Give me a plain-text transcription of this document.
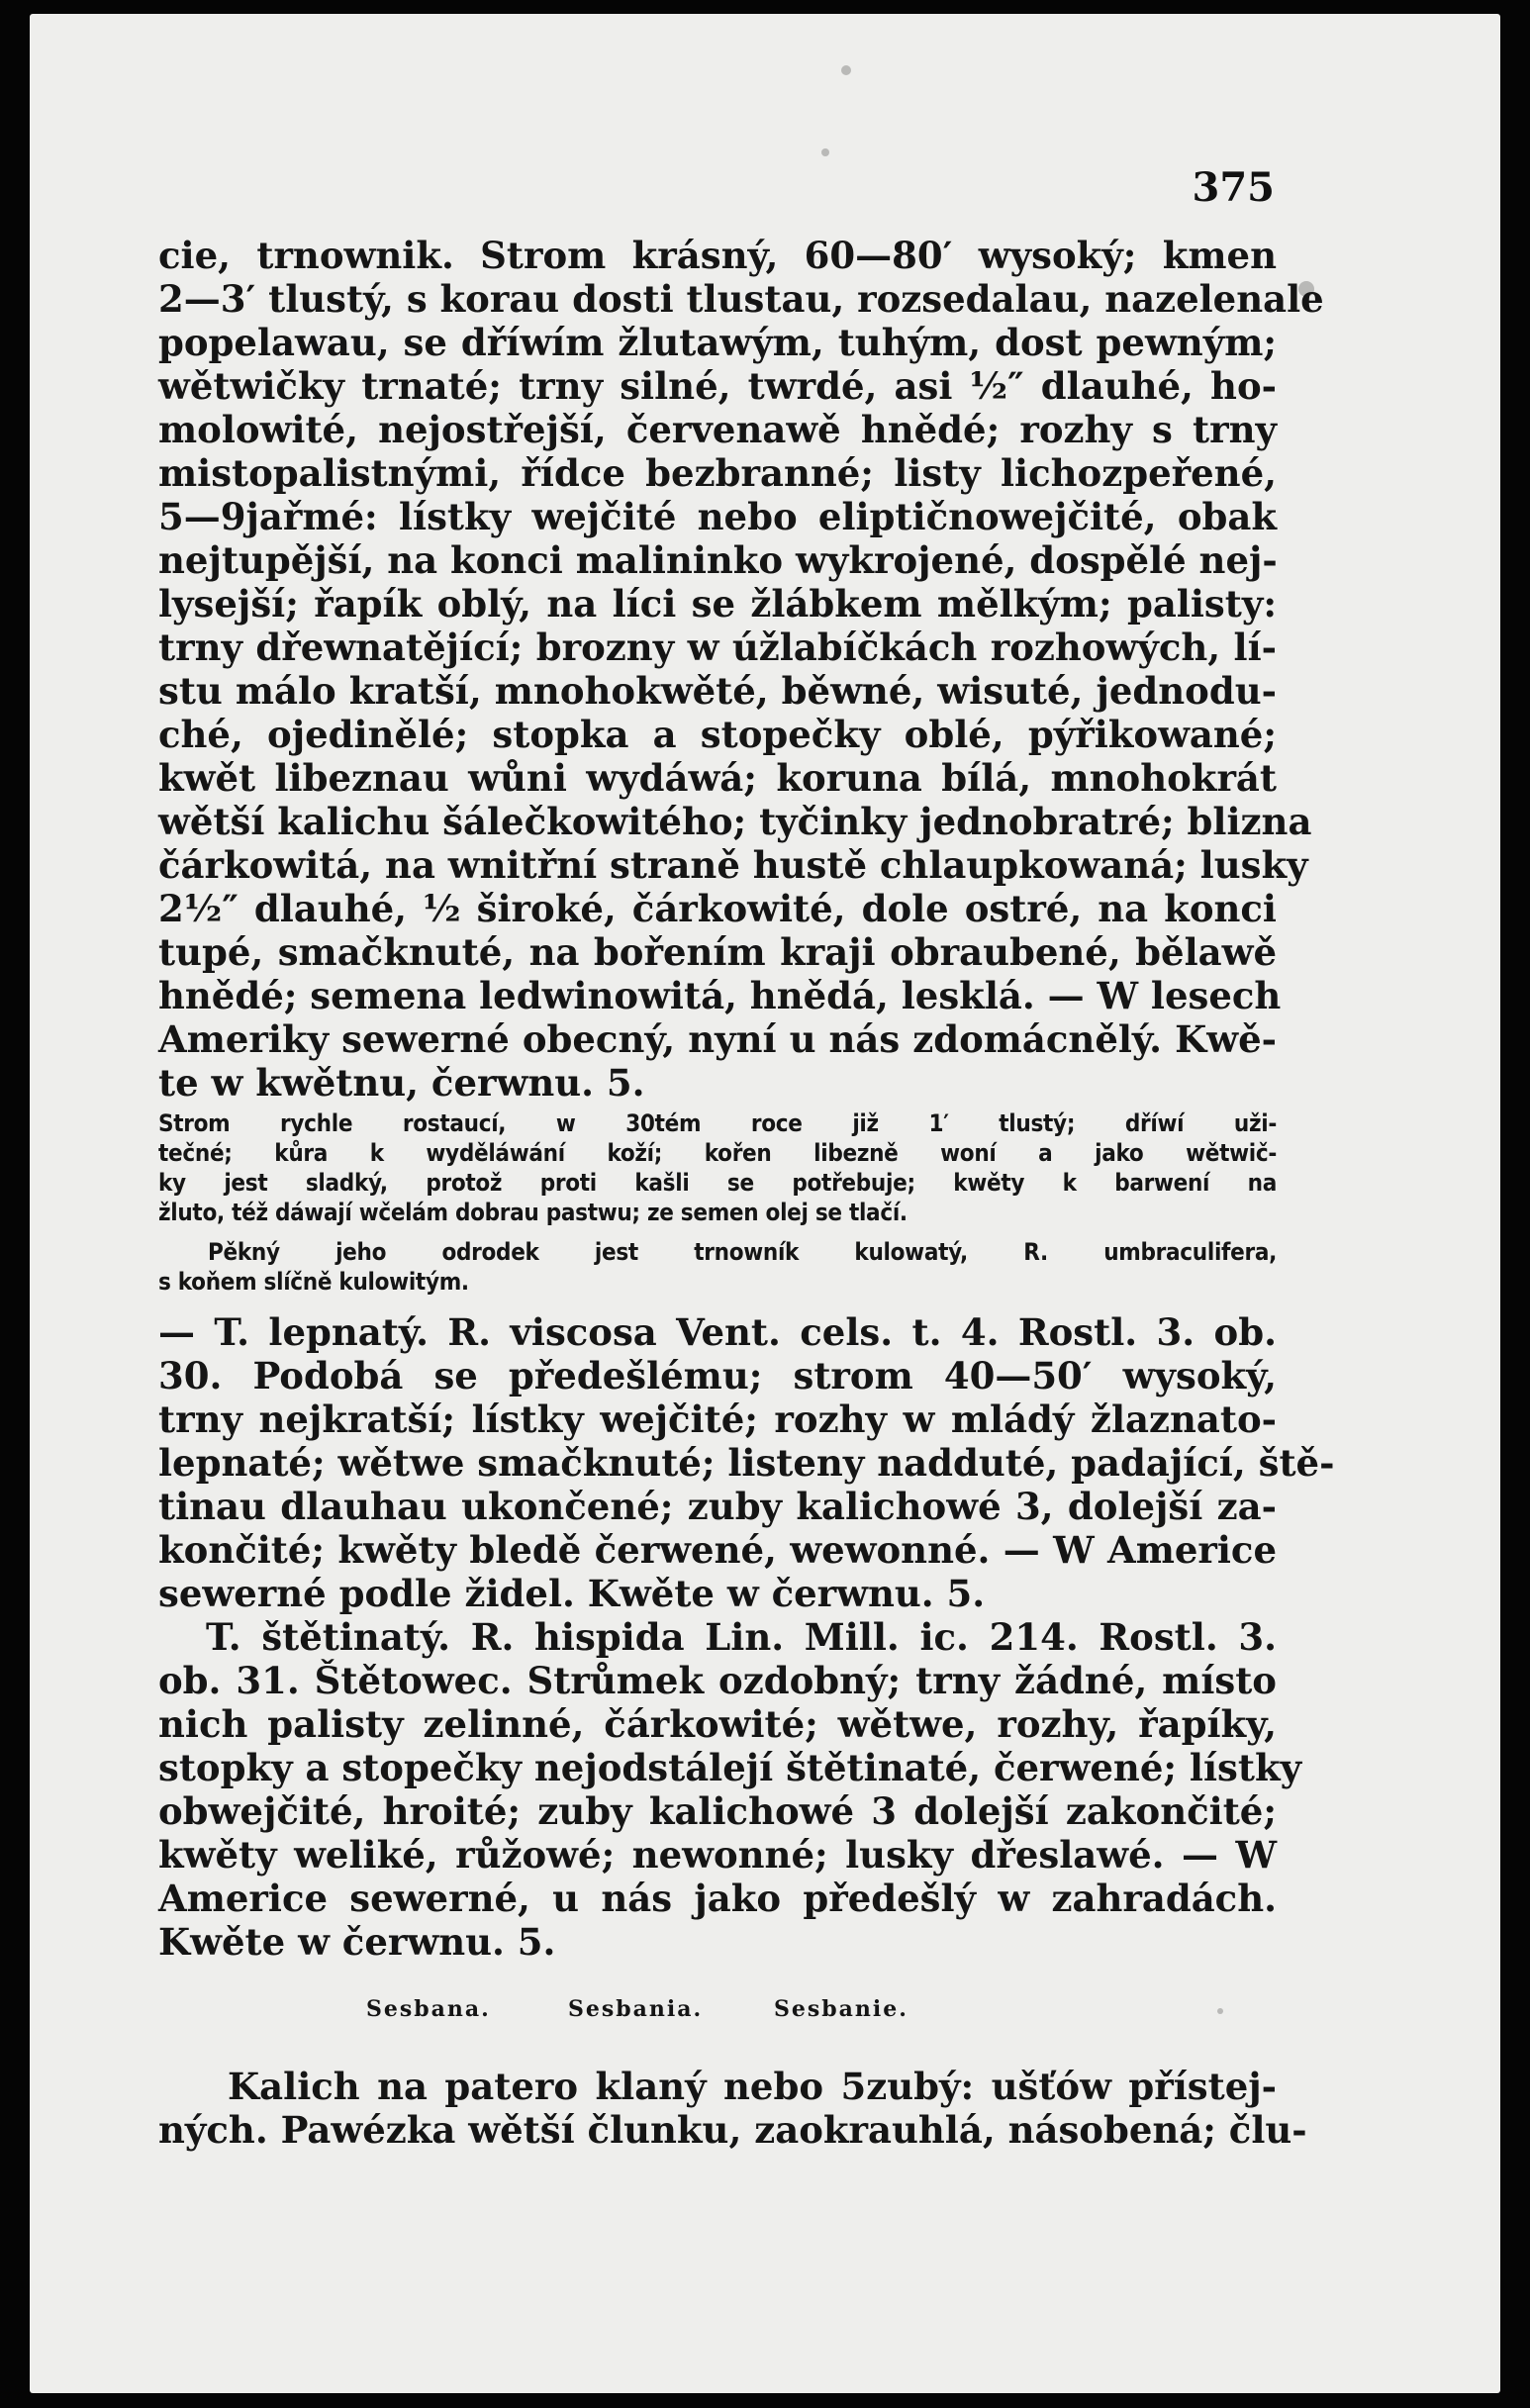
375
cie, trnownik. Strom krásný, 60—80′ wysoký; kmen
2—3′ tlustý, s korau dosti tlustau, rozsedalau, nazelenale
popelawau, se dříwím žlutawým, tuhým, dost pewným;
wětwičky trnaté; trny silné, twrdé, asi ½″ dlauhé, ho-
molowité, nejostřejší, červenawě hnědé; rozhy s trny
mistopalistnými, řídce bezbranné; listy lichozpeřené,
5—9jařmé: lístky wejčité nebo eliptičnowejčité, obak
nejtupější, na konci malininko wykrojené, dospělé nej-
lysejší; řapík oblý, na líci se žlábkem mělkým; palisty:
trny dřewnatějící; brozny w úžlabíčkách rozhowých, lí-
stu málo kratší, mnohokwěté, běwné, wisuté, jednodu-
ché, ojedinělé; stopka a stopečky oblé, pýřikowané;
kwět libeznau wůni wydáwá; koruna bílá, mnohokrát
wětší kalichu šálečkowitého; tyčinky jednobratré; blizna
čárkowitá, na wnitřní straně hustě chlaupkowaná; lusky
2½″ dlauhé, ½ široké, čárkowité, dole ostré, na konci
tupé, smačknuté, na bořením kraji obraubené, bělawě
hnědé; semena ledwinowitá, hnědá, lesklá. — W lesech
Ameriky sewerné obecný, nyní u nás zdomácnělý. Kwě-
te w kwětnu, čerwnu. 5.
Strom rychle rostaucí, w 30tém roce již 1′ tlustý; dříwí uži-
tečné; kůra k wyděláwání koží; kořen libezně woní a jako wětwič-
ky jest sladký, protož proti kašli se potřebuje; kwěty k barwení na
žluto, též dáwají wčelám dobrau pastwu; ze semen olej se tlačí.
Pěkný jeho odrodek jest trnowník kulowatý, R. umbraculifera,
s koňem slíčně kulowitým.
— T. lepnatý. R. viscosa Vent. cels. t. 4. Rostl. 3. ob.
30. Podobá se předešlému; strom 40—50′ wysoký,
trny nejkratší; lístky wejčité; rozhy w mládý žlaznato-
lepnaté; wětwe smačknuté; listeny nadduté, padající, ště-
tinau dlauhau ukončené; zuby kalichowé 3, dolejší za-
končité; kwěty bledě čerwené, wewonné. — W Americe
sewerné podle židel. Kwěte w čerwnu. 5.
T. štětinatý. R. hispida Lin. Mill. ic. 214. Rostl. 3.
ob. 31. Štětowec. Strůmek ozdobný; trny žádné, místo
nich palisty zelinné, čárkowité; wětwe, rozhy, řapíky,
stopky a stopečky nejodstálejí štětinaté, čerwené; lístky
obwejčité, hroité; zuby kalichowé 3 dolejší zakončité;
kwěty weliké, růžowé; newonné; lusky dřeslawé. — W
Americe sewerné, u nás jako předešlý w zahradách.
Kwěte w čerwnu. 5.
Sesbana.	Sesbaniа.	Sesbanie.
Kalich na patero klaný nebo 5zubý: ušťów přístej-
ných. Pawézka wětší člunku, zaokrauhlá, násobená; člu-
